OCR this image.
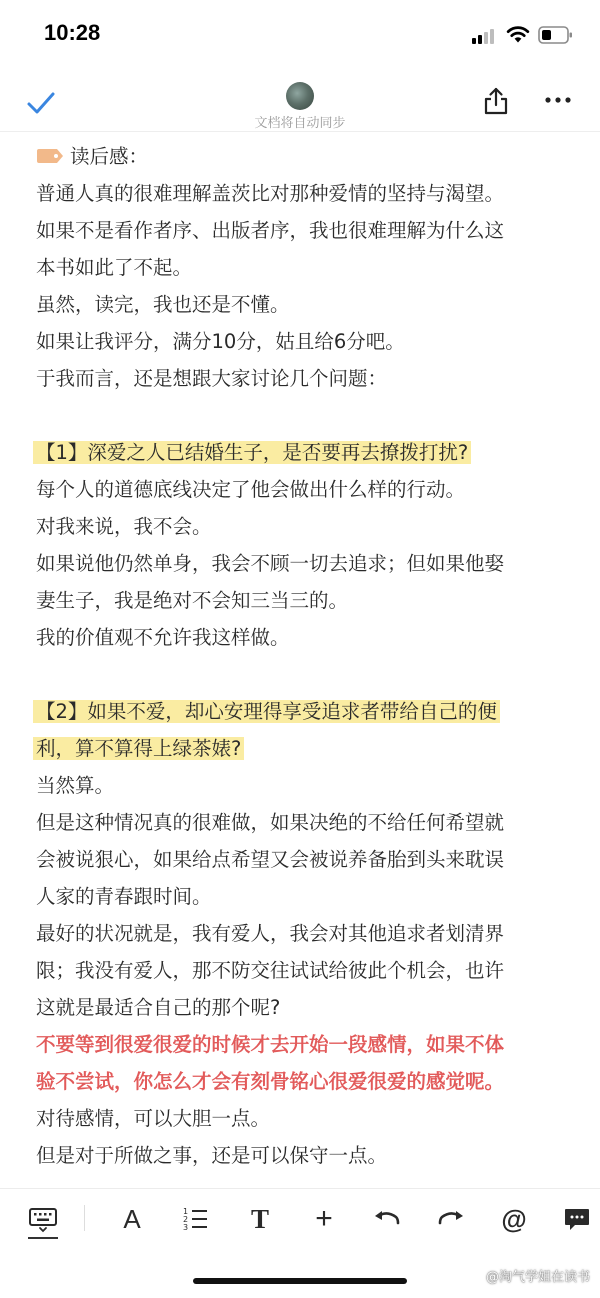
10:28
文档将自动同步
读后感：
普通人真的很难理解盖茨比对那种爱情的坚持与渴望。
如果不是看作者序、出版者序，我也很难理解为什么这
本书如此了不起。
虽然，读完，我也还是不懂。
如果让我评分，满分10分，姑且给6分吧。
于我而言，还是想跟大家讨论几个问题：
【1】深爱之人已结婚生子，是否要再去撩拨打扰?
每个人的道德底线决定了他会做出什么样的行动。
对我来说，我不会。
如果说他仍然单身，我会不顾一切去追求；但如果他娶
妻生子，我是绝对不会知三当三的。
我的价值观不允许我这样做。
【2】如果不爱，却心安理得享受追求者带给自己的便
利，算不算得上绿茶婊?
当然算。
但是这种情况真的很难做，如果决绝的不给任何希望就
会被说狠心，如果给点希望又会被说养备胎到头来耽误
人家的青春跟时间。
最好的状况就是，我有爱人，我会对其他追求者划清界
限；我没有爱人，那不防交往试试给彼此个机会，也许
这就是最适合自己的那个呢?
不要等到很爱很爱的时候才去开始一段感情，如果不体
验不尝试，你怎么才会有刻骨铭心很爱很爱的感觉呢。
对待感情，可以大胆一点。
但是对于所做之事，还是可以保守一点。
A	1
2
3 T +	@
@淘气学姐在读书
